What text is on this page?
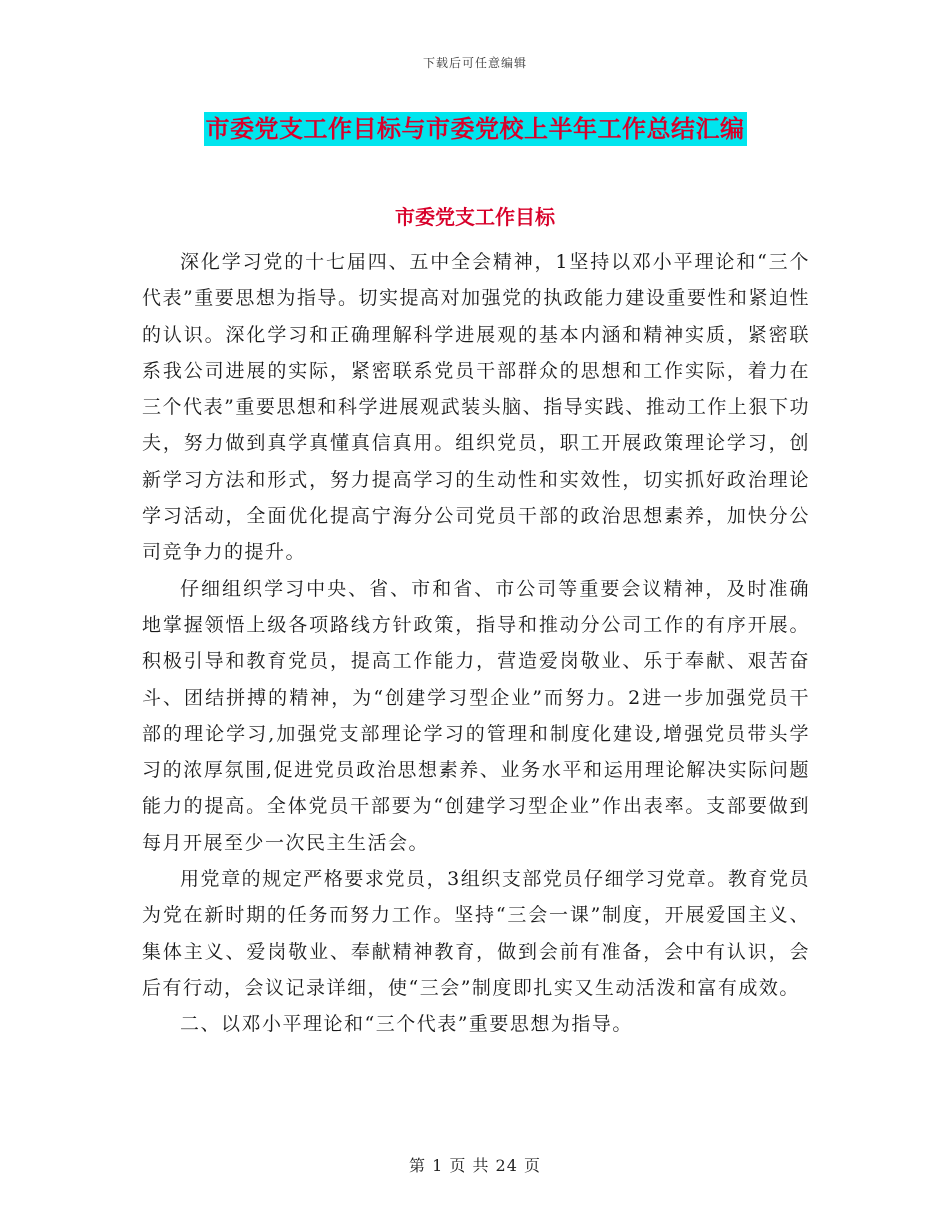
下载后可任意编辑
市委党支工作目标与市委党校上半年工作总结汇编
市委党支工作目标

深化学习党的十七届四、五中全会精神，1坚持以邓小平理论和“三个代表”重要思想为指导。切实提高对加强党的执政能力建设重要性和紧迫性的认识。深化学习和正确理解科学进展观的基本内涵和精神实质，紧密联系我公司进展的实际，紧密联系党员干部群众的思想和工作实际，着力在三个代表”重要思想和科学进展观武装头脑、指导实践、推动工作上狠下功夫，努力做到真学真懂真信真用。组织党员，职工开展政策理论学习，创新学习方法和形式，努力提高学习的生动性和实效性，切实抓好政治理论学习活动，全面优化提高宁海分公司党员干部的政治思想素养，加快分公司竞争力的提升。

仔细组织学习中央、省、市和省、市公司等重要会议精神，及时准确地掌握领悟上级各项路线方针政策，指导和推动分公司工作的有序开展。积极引导和教育党员，提高工作能力，营造爱岗敬业、乐于奉献、艰苦奋斗、团结拼搏的精神，为“创建学习型企业”而努力。2进一步加强党员干部的理论学习,加强党支部理论学习的管理和制度化建设,增强党员带头学习的浓厚氛围,促进党员政治思想素养、业务水平和运用理论解决实际问题能力的提高。全体党员干部要为“创建学习型企业”作出表率。支部要做到每月开展至少一次民主生活会。

用党章的规定严格要求党员，3组织支部党员仔细学习党章。教育党员为党在新时期的任务而努力工作。坚持“三会一课”制度，开展爱国主义、集体主义、爱岗敬业、奉献精神教育，做到会前有准备，会中有认识，会后有行动，会议记录详细，使“三会”制度即扎实又生动活泼和富有成效。

二、以邓小平理论和“三个代表”重要思想为指导。

第 1 页 共 24 页
